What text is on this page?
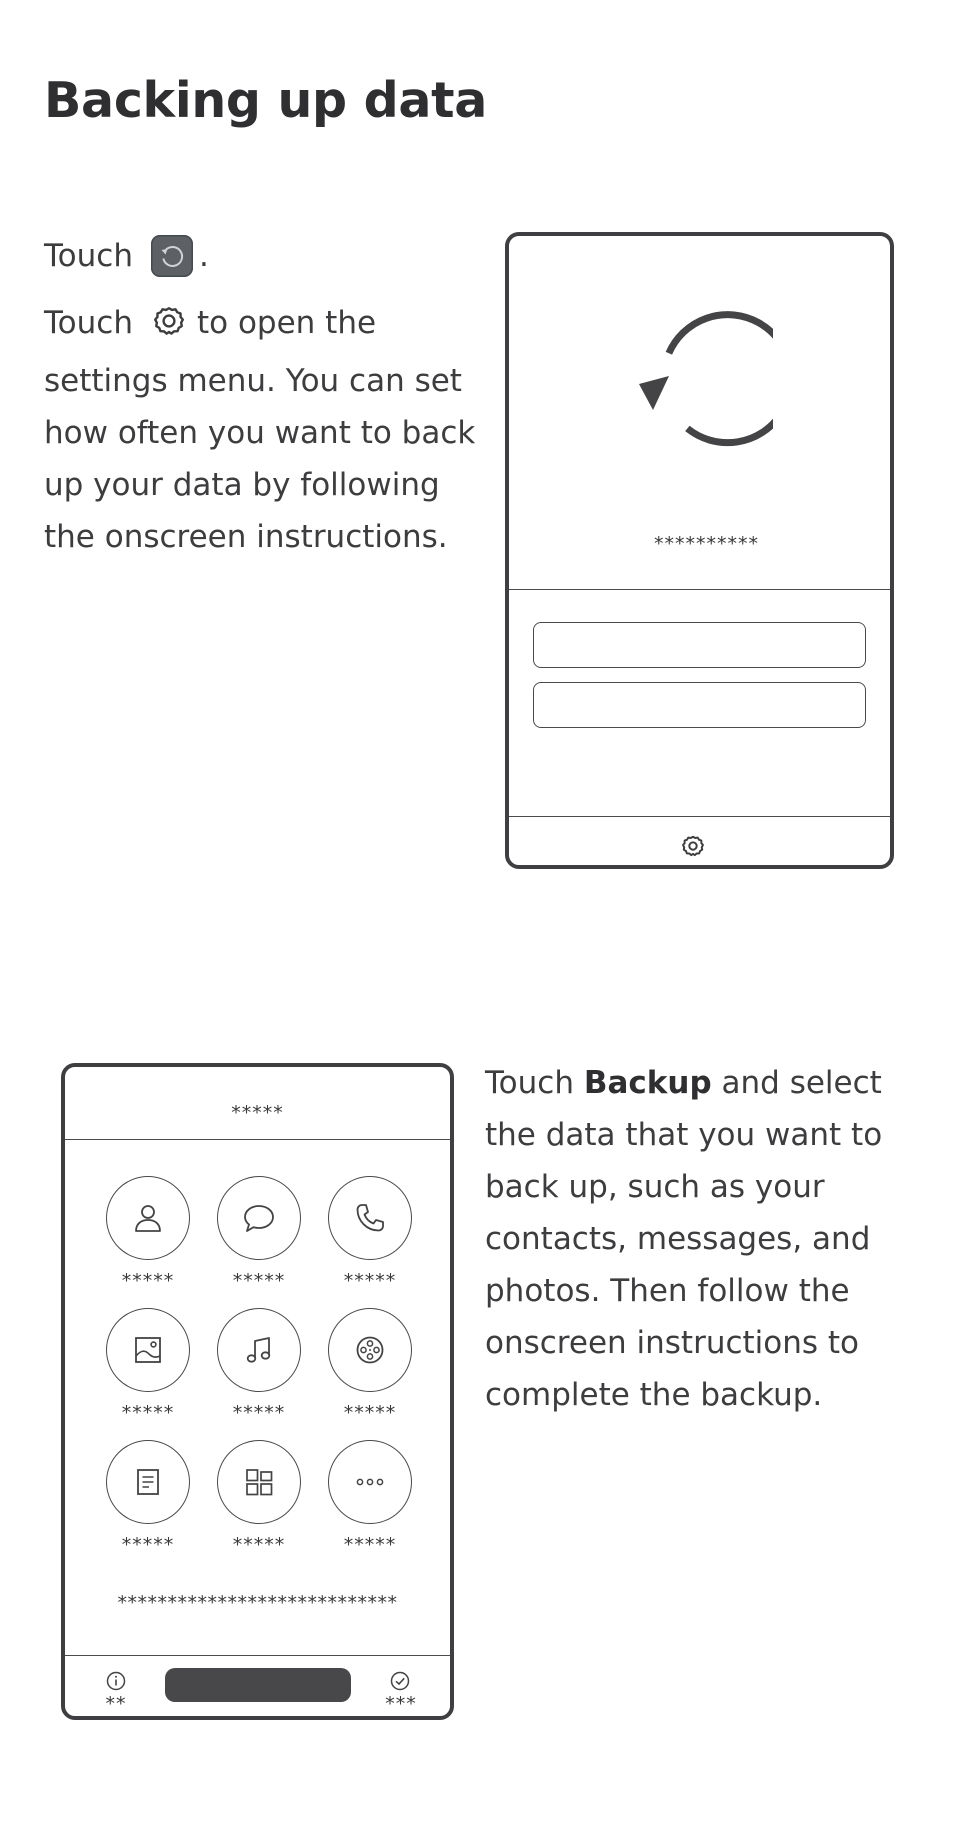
Backing up data
Touch .

Touch to open the settings menu. You can set how often you want to back up your data by following the onscreen instructions.	**********
*****
*****	*****	*****
*****	*****	*****
*****	*****	*****
****************************
**	***

Touch Backup and select the data that you want to back up, such as your contacts, messages, and photos. Then follow the onscreen instructions to complete the backup.
